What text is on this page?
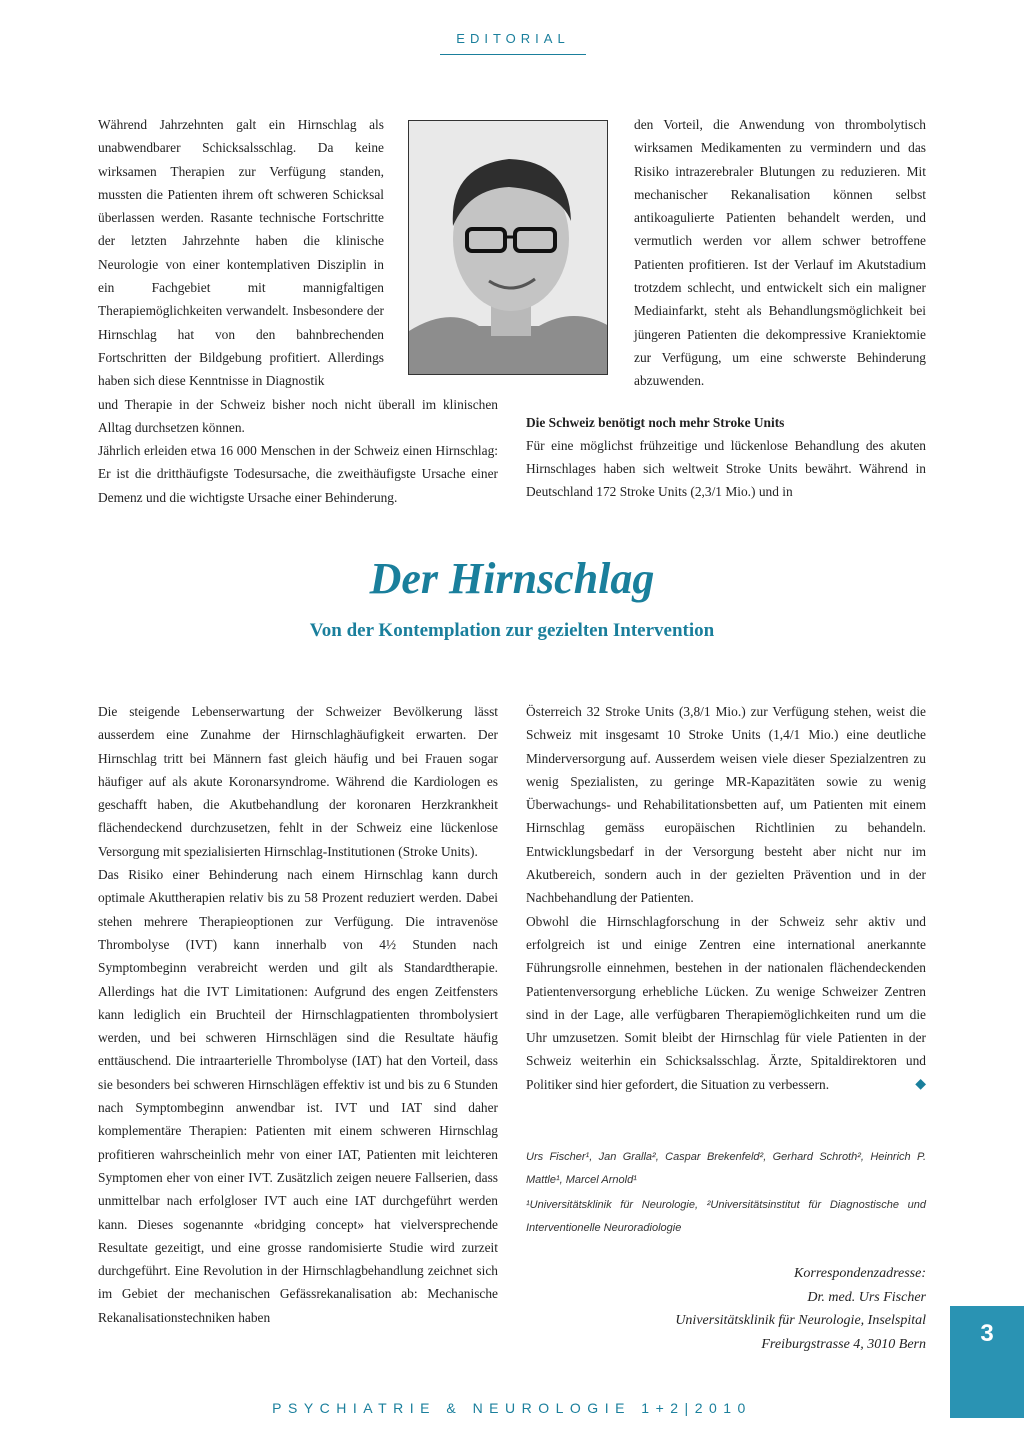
EDITORIAL

Während Jahrzehnten galt ein Hirnschlag als unabwendbarer Schicksalsschlag. Da keine wirksamen Therapien zur Verfügung standen, mussten die Patienten ihrem oft schweren Schicksal überlassen werden. Rasante technische Fortschritte der letzten Jahrzehnte haben die klinische Neurologie von einer kontemplativen Disziplin in ein Fachgebiet mit mannigfaltigen Therapiemöglichkeiten verwandelt. Insbesondere der Hirnschlag hat von den bahnbrechenden Fortschritten der Bildgebung profitiert. Allerdings haben sich diese Kenntnisse in Diagnostik

und Therapie in der Schweiz bisher noch nicht überall im klinischen Alltag durchsetzen können.

Jährlich erleiden etwa 16 000 Menschen in der Schweiz einen Hirnschlag: Er ist die dritthäufigste Todesursache, die zweithäufigste Ursache einer Demenz und die wichtigste Ursache einer Behinderung.

den Vorteil, die Anwendung von thrombolytisch wirksamen Medikamenten zu vermindern und das Risiko intrazerebraler Blutungen zu reduzieren. Mit mechanischer Rekanalisation können selbst antikoagulierte Patienten behandelt werden, und vermutlich werden vor allem schwer betroffene Patienten profitieren. Ist der Verlauf im Akutstadium trotzdem schlecht, und entwickelt sich ein maligner Mediainfarkt, steht als Behandlungsmöglichkeit bei jüngeren Patienten die dekompressive Kraniektomie zur Verfügung, um eine schwerste Behinderung abzuwenden.

Die Schweiz benötigt noch mehr Stroke Units

Für eine möglichst frühzeitige und lückenlose Behandlung des akuten Hirnschlages haben sich weltweit Stroke Units bewährt. Während in Deutschland 172 Stroke Units (2,3/1 Mio.) und in

Der Hirnschlag
Von der Kontemplation zur gezielten Intervention

Die steigende Lebenserwartung der Schweizer Bevölkerung lässt ausserdem eine Zunahme der Hirnschlaghäufigkeit erwarten. Der Hirnschlag tritt bei Männern fast gleich häufig und bei Frauen sogar häufiger auf als akute Koronarsyndrome. Während die Kardiologen es geschafft haben, die Akutbehandlung der koronaren Herzkrankheit flächendeckend durchzusetzen, fehlt in der Schweiz eine lückenlose Versorgung mit spezialisierten Hirnschlag-Institutionen (Stroke Units).

Das Risiko einer Behinderung nach einem Hirnschlag kann durch optimale Akuttherapien relativ bis zu 58 Prozent reduziert werden. Dabei stehen mehrere Therapieoptionen zur Verfügung. Die intravenöse Thrombolyse (IVT) kann innerhalb von 4½ Stunden nach Symptombeginn verabreicht werden und gilt als Standardtherapie. Allerdings hat die IVT Limitationen: Aufgrund des engen Zeitfensters kann lediglich ein Bruchteil der Hirnschlagpatienten thrombolysiert werden, und bei schweren Hirnschlägen sind die Resultate häufig enttäuschend. Die intraarterielle Thrombolyse (IAT) hat den Vorteil, dass sie besonders bei schweren Hirnschlägen effektiv ist und bis zu 6 Stunden nach Symptombeginn anwendbar ist. IVT und IAT sind daher komplementäre Therapien: Patienten mit einem schweren Hirnschlag profitieren wahrscheinlich mehr von einer IAT, Patienten mit leichteren Symptomen eher von einer IVT. Zusätzlich zeigen neuere Fallserien, dass unmittelbar nach erfolgloser IVT auch eine IAT durchgeführt werden kann. Dieses sogenannte «bridging concept» hat vielversprechende Resultate gezeitigt, und eine grosse randomisierte Studie wird zurzeit durchgeführt. Eine Revolution in der Hirnschlagbehandlung zeichnet sich im Gebiet der mechanischen Gefässrekanalisation ab: Mechanische Rekanalisationstechniken haben

Österreich 32 Stroke Units (3,8/1 Mio.) zur Verfügung stehen, weist die Schweiz mit insgesamt 10 Stroke Units (1,4/1 Mio.) eine deutliche Minderversorgung auf. Ausserdem weisen viele dieser Spezialzentren zu wenig Spezialisten, zu geringe MR-Kapazitäten sowie zu wenig Überwachungs- und Rehabilitationsbetten auf, um Patienten mit einem Hirnschlag gemäss europäischen Richtlinien zu behandeln. Entwicklungsbedarf in der Versorgung besteht aber nicht nur im Akutbereich, sondern auch in der gezielten Prävention und in der Nachbehandlung der Patienten.

Obwohl die Hirnschlagforschung in der Schweiz sehr aktiv und erfolgreich ist und einige Zentren eine international anerkannte Führungsrolle einnehmen, bestehen in der nationalen flächendeckenden Patientenversorgung erhebliche Lücken. Zu wenige Schweizer Zentren sind in der Lage, alle verfügbaren Therapiemöglichkeiten rund um die Uhr umzusetzen. Somit bleibt der Hirnschlag für viele Patienten in der Schweiz weiterhin ein Schicksalsschlag. Ärzte, Spitaldirektoren und Politiker sind hier gefordert, die Situation zu verbessern.	◆

Urs Fischer¹, Jan Gralla², Caspar Brekenfeld², Gerhard Schroth², Heinrich P. Mattle¹, Marcel Arnold¹

¹Universitätsklinik für Neurologie, ²Universitätsinstitut für Diagnostische und Interventionelle Neuroradiologie

Korrespondenzadresse:

Dr. med. Urs Fischer

Universitätsklinik für Neurologie, Inselspital

Freiburgstrasse 4, 3010 Bern	3
PSYCHIATRIE & NEUROLOGIE 1+2|2010
